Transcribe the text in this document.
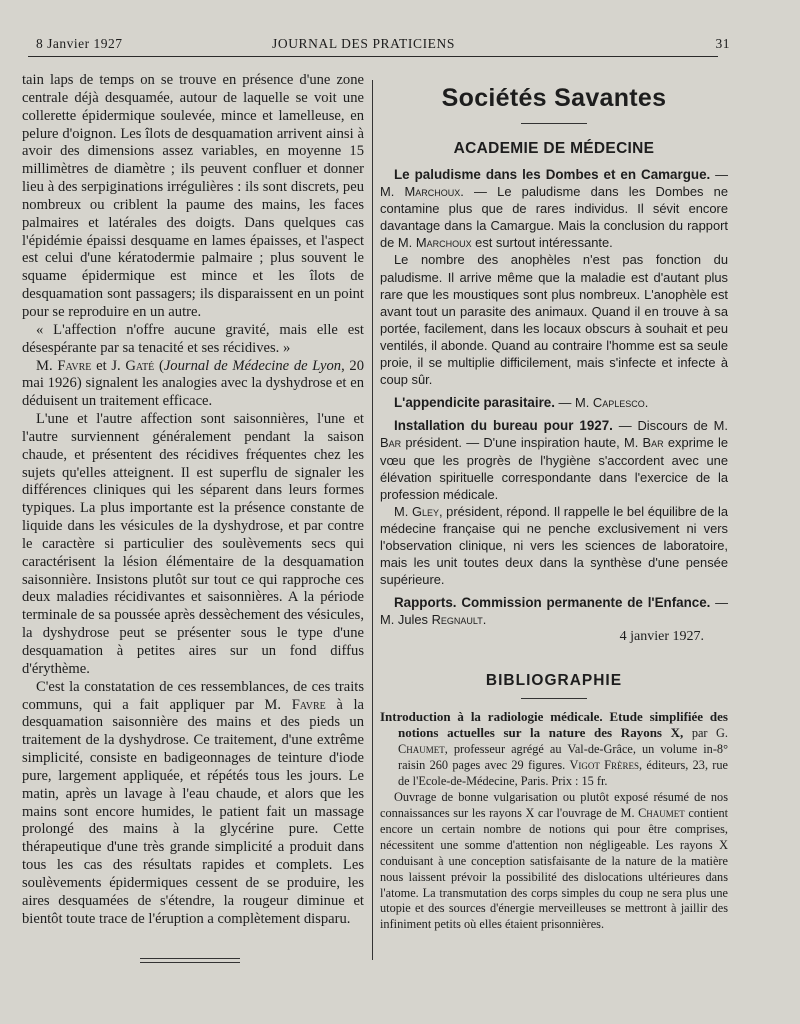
8 Janvier 1927	JOURNAL DES PRATICIENS	31

tain laps de temps on se trouve en présence d'une zone centrale déjà desquamée, autour de laquelle se voit une collerette épidermique soulevée, mince et lamelleuse, en pelure d'oignon. Les îlots de desquamation arrivent ainsi à avoir des dimensions assez variables, en moyenne 15 millimètres de diamètre ; ils peuvent confluer et donner lieu à des serpiginations irrégulières : ils sont discrets, peu nombreux ou criblent la paume des mains, les faces palmaires et latérales des doigts. Dans quelques cas l'épidémie épaissi desquame en lames épaisses, et l'aspect est celui d'une kératodermie palmaire ; plus souvent le squame épidermique est mince et les îlots de desquamation sont passagers; ils disparaissent en un point pour se reproduire en un autre.

« L'affection n'offre aucune gravité, mais elle est désespérante par sa tenacité et ses récidives. »

M. Favre et J. Gaté (Journal de Médecine de Lyon, 20 mai 1926) signalent les analogies avec la dyshydrose et en déduisent un traitement efficace.

L'une et l'autre affection sont saisonnières, l'une et l'autre surviennent généralement pendant la saison chaude, et présentent des récidives fréquentes chez les sujets qu'elles atteignent. Il est superflu de signaler les différences cliniques qui les séparent dans leurs formes typiques. La plus importante est la présence constante de liquide dans les vésicules de la dyshydrose, et par contre le caractère si particulier des soulèvements secs qui caractérisent la lésion élémentaire de la desquamation saisonnière. Insistons plutôt sur tout ce qui rapproche ces deux maladies récidivantes et saisonnières. A la période terminale de sa poussée après dessèchement des vésicules, la dyshydrose peut se présenter sous le type d'une desquamation à petites aires sur un fond diffus d'érythème.

C'est la constatation de ces ressemblances, de ces traits communs, qui a fait appliquer par M. Favre à la desquamation saisonnière des mains et des pieds un traitement de la dyshydrose. Ce traitement, d'une extrême simplicité, consiste en badigeonnages de teinture d'iode pure, largement appliquée, et répétés tous les jours. Le matin, après un lavage à l'eau chaude, et alors que les mains sont encore humides, le patient fait un massage prolongé des mains à la glycérine pure. Cette thérapeutique d'une très grande simplicité a produit dans tous les cas des résultats rapides et complets. Les soulèvements épidermiques cessent de se produire, les aires desquamées de s'étendre, la rougeur diminue et bientôt toute trace de l'éruption a complètement disparu.

Sociétés Savantes
ACADEMIE DE MÉDECINE

Le paludisme dans les Dombes et en Camargue. — M. Marchoux. — Le paludisme dans les Dombes ne contamine plus que de rares individus. Il sévit encore davantage dans la Camargue. Mais la conclusion du rapport de M. Marchoux est surtout intéressante.

Le nombre des anophèles n'est pas fonction du paludisme. Il arrive même que la maladie est d'autant plus rare que les moustiques sont plus nombreux. L'anophèle est avant tout un parasite des animaux. Quand il en trouve à sa portée, facilement, dans les locaux obscurs à souhait et peu ventilés, il abonde. Quand au contraire l'homme est sa seule proie, il se multiplie difficilement, mais s'infecte et infecte à coup sûr.

L'appendicite parasitaire. — M. Caplesco.

Installation du bureau pour 1927. — Discours de M. Bar président. — D'une inspiration haute, M. Bar exprime le vœu que les progrès de l'hygiène s'accordent avec une élévation spirituelle correspondante dans l'exercice de la profession médicale.

M. Gley, président, répond. Il rappelle le bel équilibre de la médecine française qui ne penche exclusivement ni vers l'observation clinique, ni vers les sciences de laboratoire, mais les unit toutes deux dans la synthèse d'une pensée supérieure.

Rapports. Commission permanente de l'Enfance. — M. Jules Regnault.

4 janvier 1927.

BIBLIOGRAPHIE

Introduction à la radiologie médicale. Etude simplifiée des notions actuelles sur la nature des Rayons X, par G. Chaumet, professeur agrégé au Val-de-Grâce, un volume in-8° raisin 260 pages avec 29 figures. Vigot Frères, éditeurs, 23, rue de l'Ecole-de-Médecine, Paris. Prix : 15 fr.

Ouvrage de bonne vulgarisation ou plutôt exposé résumé de nos connaissances sur les rayons X car l'ouvrage de M. Chaumet contient encore un certain nombre de notions qui pour être comprises, nécessitent une somme d'attention non négligeable. Les rayons X conduisant à une conception satisfaisante de la nature de la matière nous laissent prévoir la possibilité des dislocations ultérieures dans l'atome. La transmutation des corps simples du coup ne sera plus une utopie et des sources d'énergie merveilleuses se mettront à jaillir des infiniment petits où elles étaient prisonnières.
